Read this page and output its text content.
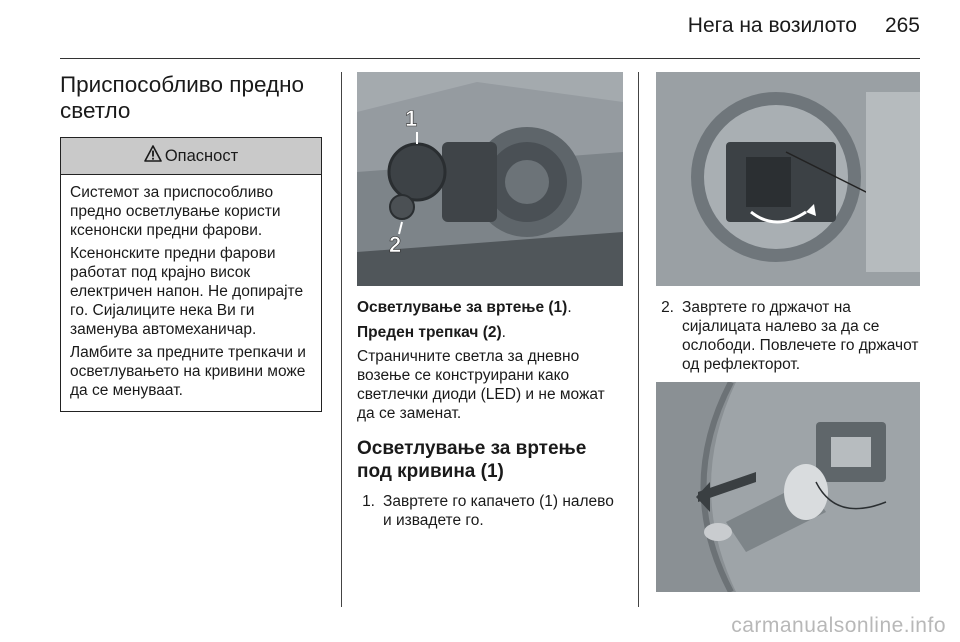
Нега на возилото 265
Приспособливо предно
светло
Опасност

Системот за приспособливо предно осветлување користи ксенонски предни фарови.

Ксенонските предни фарови работат под крајно висок електричен напон. Не допирајте го. Сијалиците нека Ви ги заменува автомеханичар.

Ламбите за предните трепкачи и осветлувањето на кривини може да се менуваат.

1
2

Осветлување за вртење (1).

Преден трепкач (2).

Страничните светла за дневно возење се конструирани како светлечки диоди (LED) и не можат да се заменат.

Осветлување за вртење под кривина (1)
1. Завртете го капачето (1) налево и извадете го.
2. Завртете го држачот на сијалицата налево за да се ослободи. Повлечете го држачот од рефлекторот.
carmanualsonline.info
